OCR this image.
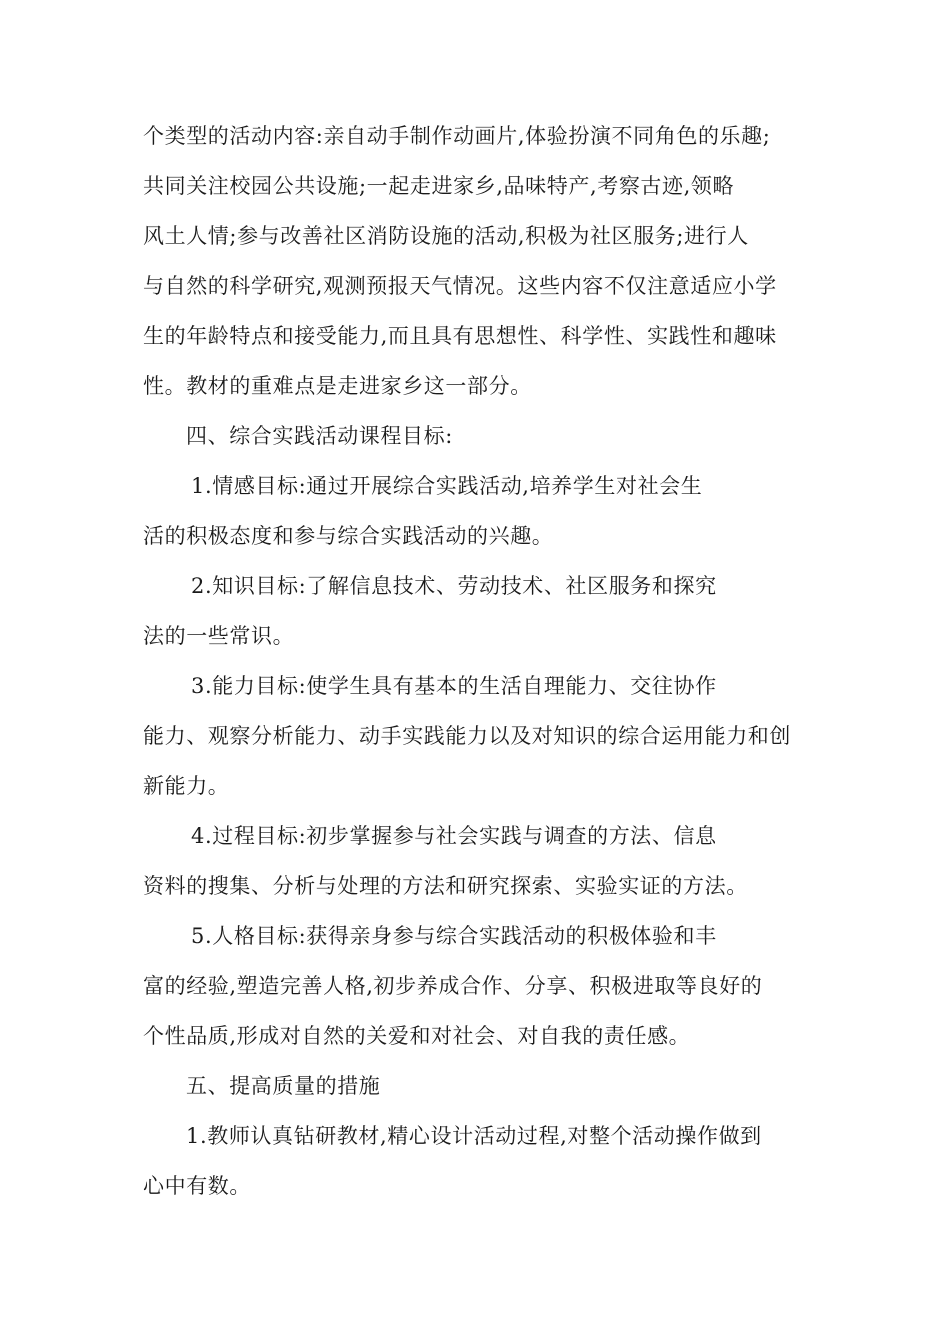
个类型的活动内容:亲自动手制作动画片,体验扮演不同角色的乐趣;
共同关注校园公共设施;一起走进家乡,品味特产,考察古迹,领略
风土人情;参与改善社区消防设施的活动,积极为社区服务;进行人
与自然的科学研究,观测预报天气情况。这些内容不仅注意适应小学
生的年龄特点和接受能力,而且具有思想性、科学性、实践性和趣味
性。教材的重难点是走进家乡这一部分。
四、综合实践活动课程目标:
1.情感目标:通过开展综合实践活动,培养学生对社会生
活的积极态度和参与综合实践活动的兴趣。
2.知识目标:了解信息技术、劳动技术、社区服务和探究
法的一些常识。
3.能力目标:使学生具有基本的生活自理能力、交往协作
能力、观察分析能力、动手实践能力以及对知识的综合运用能力和创
新能力。
4.过程目标:初步掌握参与社会实践与调查的方法、信息
资料的搜集、分析与处理的方法和研究探索、实验实证的方法。
5.人格目标:获得亲身参与综合实践活动的积极体验和丰
富的经验,塑造完善人格,初步养成合作、分享、积极进取等良好的
个性品质,形成对自然的关爱和对社会、对自我的责任感。
五、提高质量的措施
1.教师认真钻研教材,精心设计活动过程,对整个活动操作做到
心中有数。
